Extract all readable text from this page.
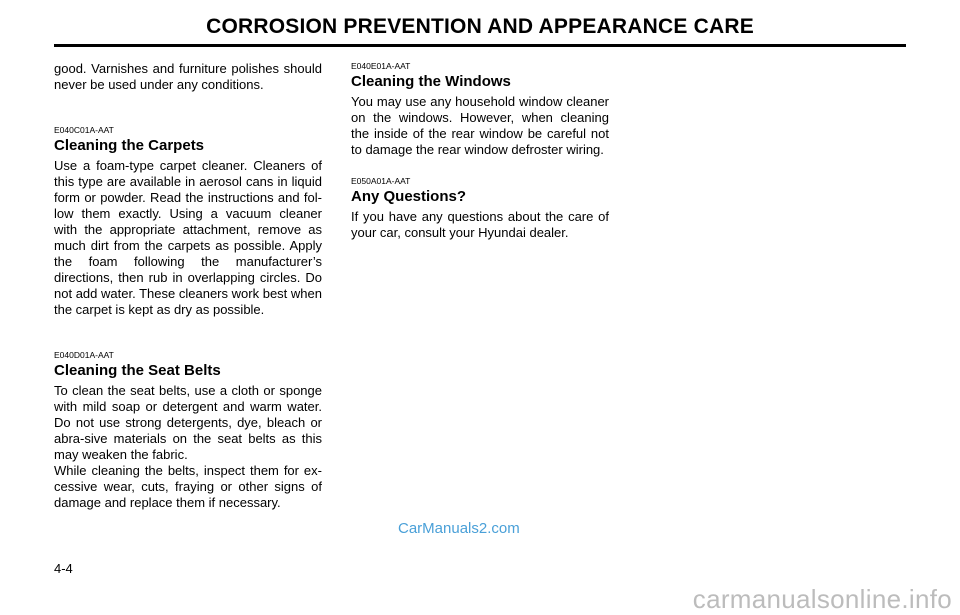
CORROSION PREVENTION AND APPEARANCE CARE

good. Varnishes and furniture polishes should never be used under any conditions.

E040C01A-AAT

Cleaning the Carpets

Use a foam-type carpet cleaner. Cleaners of this type are available in aerosol cans in liquid form or powder. Read the instructions and fol-low them exactly. Using a vacuum cleaner with the appropriate attachment, remove as much dirt from the carpets as possible. Apply the foam following the manufacturer’s directions, then rub in overlapping circles. Do not add water. These cleaners work best when the carpet is kept as dry as possible.

E040D01A-AAT

Cleaning the Seat Belts

To clean the seat belts, use a cloth or sponge with mild soap or detergent and warm water. Do not use strong detergents, dye, bleach or abra-sive materials on the seat belts as this may weaken the fabric.

While cleaning the belts, inspect them for ex-cessive wear, cuts, fraying or other signs of damage and replace them if necessary.

E040E01A-AAT

Cleaning the Windows

You may use any household window cleaner on the windows. However, when cleaning the inside of the rear window be careful not to damage the rear window defroster wiring.

E050A01A-AAT

Any Questions?

If you have any questions about the care of your car, consult your Hyundai dealer.

CarManuals2.com
4-4
carmanualsonline.info
